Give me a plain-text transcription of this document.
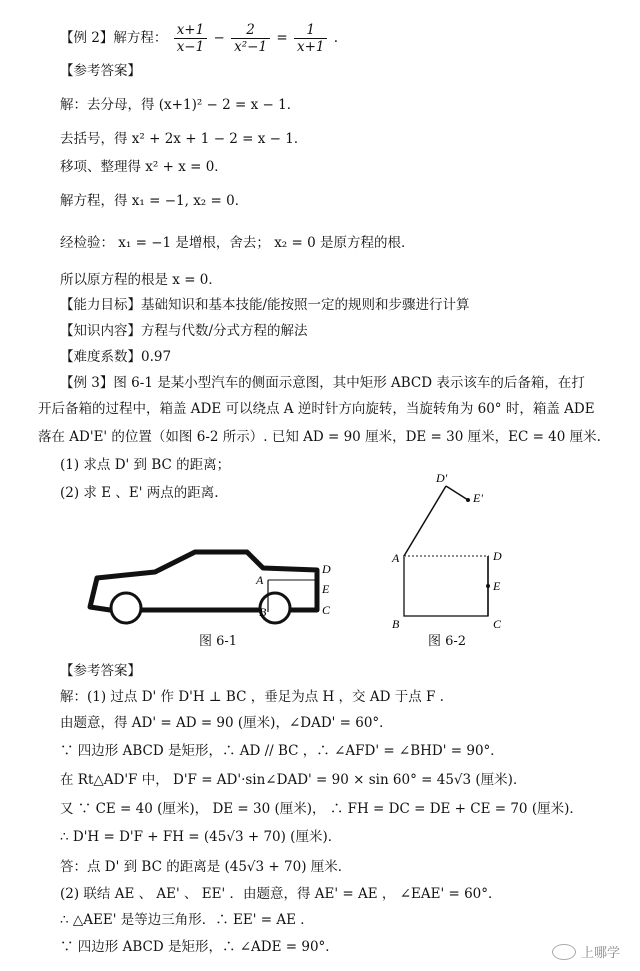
【例 2】解方程： $\frac{x+1}{x-1} - \frac{2}{\text{x²−1}} = \frac{1}{x+1}$ .
【参考答案】
解：去分母，得 (x+1)² − 2 = x − 1．
去括号，得 x² + 2x + 1 − 2 = x − 1．
移项、整理得 x² + x = 0．
解方程，得 x₁ = −1, x₂ = 0．
经检验： x₁ = −1 是增根，舍去； x₂ = 0 是原方程的根．
所以原方程的根是 x = 0．
【能力目标】基础知识和基本技能/能按照一定的规则和步骤进行计算
【知识内容】方程与代数/分式方程的解法
【难度系数】0.97
【例 3】图 6-1 是某小型汽车的侧面示意图，其中矩形 ABCD 表示该车的后备箱，在打
开后备箱的过程中，箱盖 ADE 可以绕点 A 逆时针方向旋转，当旋转角为 60° 时，箱盖 ADE
落在 AD'E' 的位置（如图 6-2 所示）. 已知 AD = 90 厘米，DE = 30 厘米，EC = 40 厘米.
(1) 求点 D' 到 BC 的距离；
(2) 求 E 、E' 两点的距离.
A
B
D
E
C
图 6-1
D'
E'
A	D
E
B	C
图 6-2
【参考答案】
解：(1) 过点 D' 作 D'H ⊥ BC ，垂足为点 H ，交 AD 于点 F .
由题意，得 AD' = AD = 90 (厘米)，∠DAD' = 60°．
∵ 四边形 ABCD 是矩形，∴ AD // BC ，∴ ∠AFD' = ∠BHD' = 90°．
在 Rt△AD'F 中， D'F = AD'·sin∠DAD' = 90 × sin 60° = 45√3 (厘米)．
又 ∵ CE = 40 (厘米)， DE = 30 (厘米)， ∴ FH = DC = DE + CE = 70 (厘米)．
∴ D'H = D'F + FH = (45√3 + 70) (厘米)．
答：点 D' 到 BC 的距离是 (45√3 + 70) 厘米．
(2) 联结 AE 、 AE' 、 EE' ．由题意，得 AE' = AE ， ∠EAE' = 60°．
∴ △AEE' 是等边三角形．∴ EE' = AE ．
∵ 四边形 ABCD 是矩形，∴ ∠ADE = 90°．	上哪学
